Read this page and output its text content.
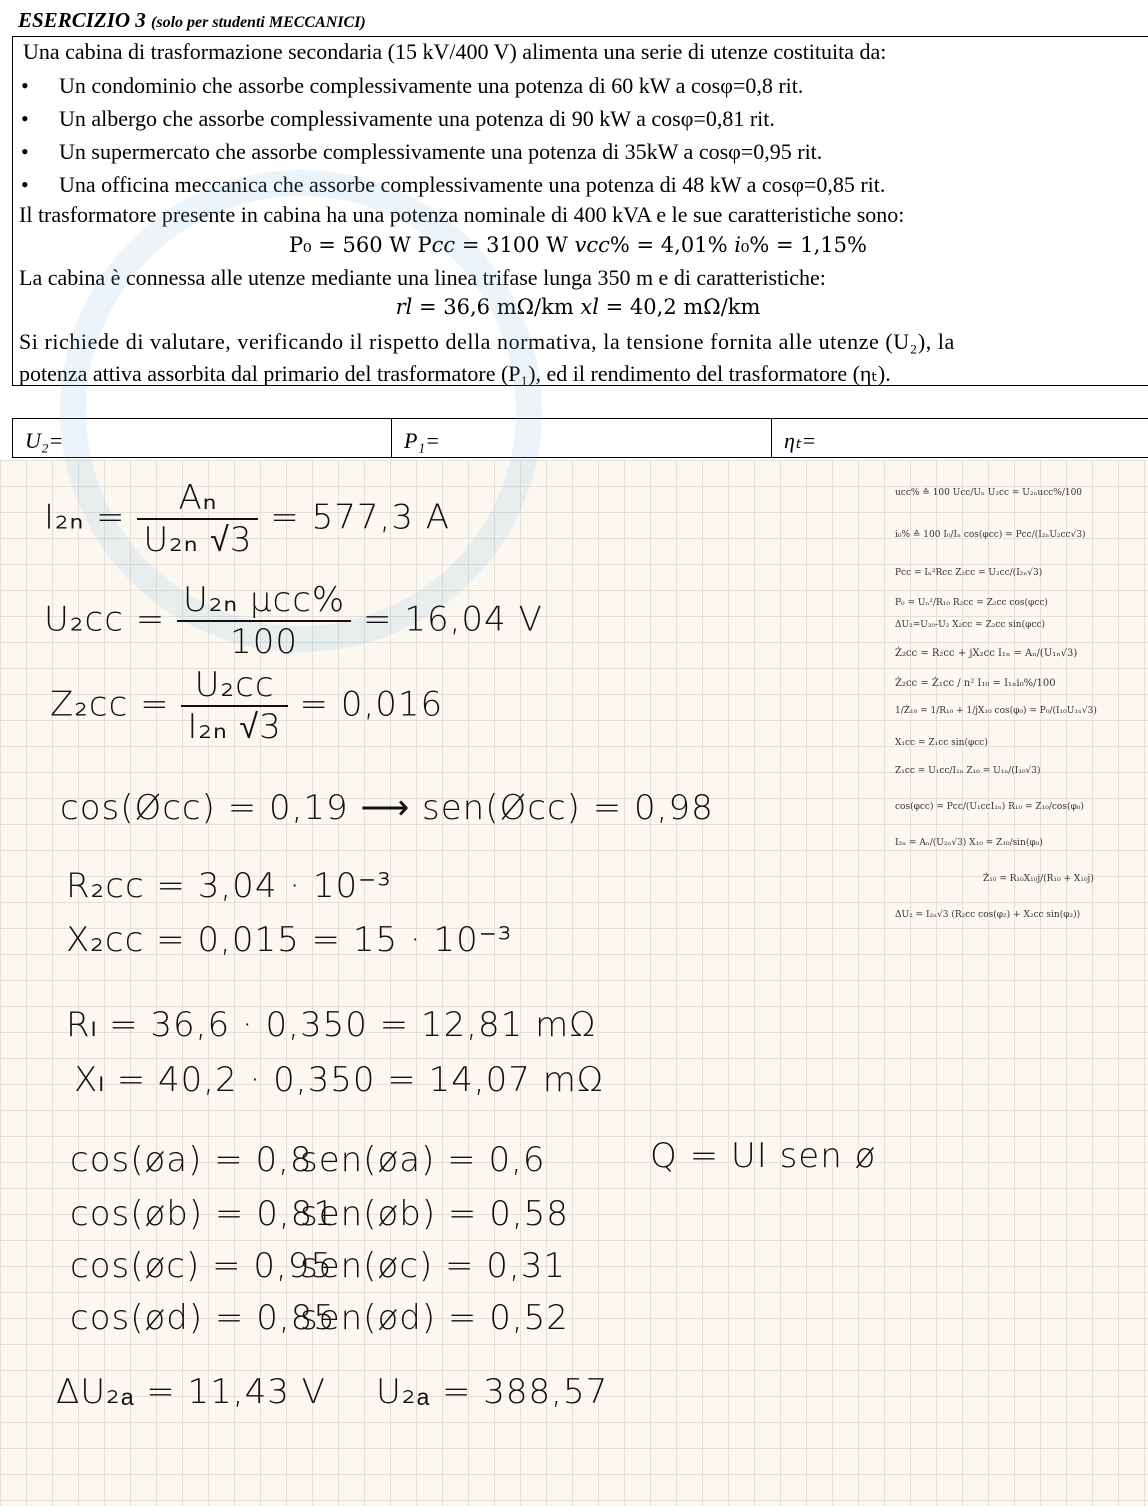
ESERCIZIO 3 (solo per studenti MECCANICI)
Una cabina di trasformazione secondaria (15 kV/400 V) alimenta una serie di utenze costituita da:
• Un condominio che assorbe complessivamente una potenza di 60 kW a cosφ=0,8 rit.
• Un albergo che assorbe complessivamente una potenza di 90 kW a cosφ=0,81 rit.
• Un supermercato che assorbe complessivamente una potenza di 35kW a cosφ=0,95 rit.
• Una officina meccanica che assorbe complessivamente una potenza di 48 kW a cosφ=0,85 rit.
Il trasformatore presente in cabina ha una potenza nominale di 400 kVA e le sue caratteristiche sono:
P₀ = 560 W P𝑐𝑐 = 3100 W 𝑣𝑐𝑐% = 4,01% 𝑖₀% = 1,15%
La cabina è connessa alle utenze mediante una linea trifase lunga 350 m e di caratteristiche:
𝑟𝑙 = 36,6 mΩ/km 𝑥𝑙 = 40,2 mΩ/km
Si richiede di valutare, verificando il rispetto della normativa, la tensione fornita alle utenze (U₂), la
potenza attiva assorbita dal primario del trasformatore (P₁), ed il rendimento del trasformatore (ηₜ).
U₂=	P₁=	ηₜ=
$I_{2n} = \frac{\text{Aₙ}}{\text{U₂ₙ √3}} = 577,3$ A
$U_2cc = \frac{\text{U₂ₙ μcc\%}}{100} = 16,04$ V
$Z_2cc = \frac{\text{U₂cc}}{\text{I₂ₙ √3}} = 0,016$
cos(Øcc) = 0,19 ⟶ sen(Øcc) = 0,98
R₂cc = 3,04 · 10⁻³
X₂cc = 0,015 = 15 · 10⁻³
Rₗ = 36,6 · 0,350 = 12,81 mΩ
Xₗ = 40,2 · 0,350 = 14,07 mΩ
cos(øa) = 0,8
sen(øa) = 0,6
cos(øb) = 0,81
sen(øb) = 0,58
cos(øc) = 0,95
sen(øc) = 0,31
cos(ød) = 0,85
sen(ød) = 0,52
Q = UI sen ø
ΔU₂ₐ = 11,43 V U₂ₐ = 388,57
ucc% ≙ 100 Ucc/Uₙ U₂cc = U₂ₙucc%/100
i₀% ≙ 100 I₀/Iₙ cos(φcc) = Pcc/(I₂ₙU₂cc√3)
Pcc = Iₙ²Rcc Z₂cc = U₂cc/(I₂ₙ√3)
P₀ = Uₙ²/R₁₀ R₂cc = Z₂cc cos(φcc)
ΔU₂=U₂₀-U₂ X₂cc = Z₂cc sin(φcc)
Ż₂cc = R₂cc + jX₂cc I₁ₙ = Aₙ/(U₁ₙ√3)
Ż₂cc = Ż₁cc / n² I₁₀ = I₁ₙi₀%/100
1/Ż₁₀ = 1/R₁₀ + 1/jX₁₀ cos(φ₀) = P₀/(I₁₀U₁ₙ√3)
X₁cc = Z₁cc sin(φcc)
Z₁cc = U₁cc/I₁ₙ Z₁₀ = U₁ₙ/(I₁₀√3)
cos(φcc) = Pcc/(U₁ccI₁ₙ) R₁₀ = Z₁₀/cos(φ₀)
I₂ₙ = Aₙ/(U₂ₙ√3) X₁₀ = Z₁₀/sin(φ₀)
Ż₁₀ = R₁₀X₁₀j/(R₁₀ + X₁₀j)
ΔU₂ = I₂ₙ√3 (R₂cc cos(φ₂) + X₂cc sin(φ₂))
